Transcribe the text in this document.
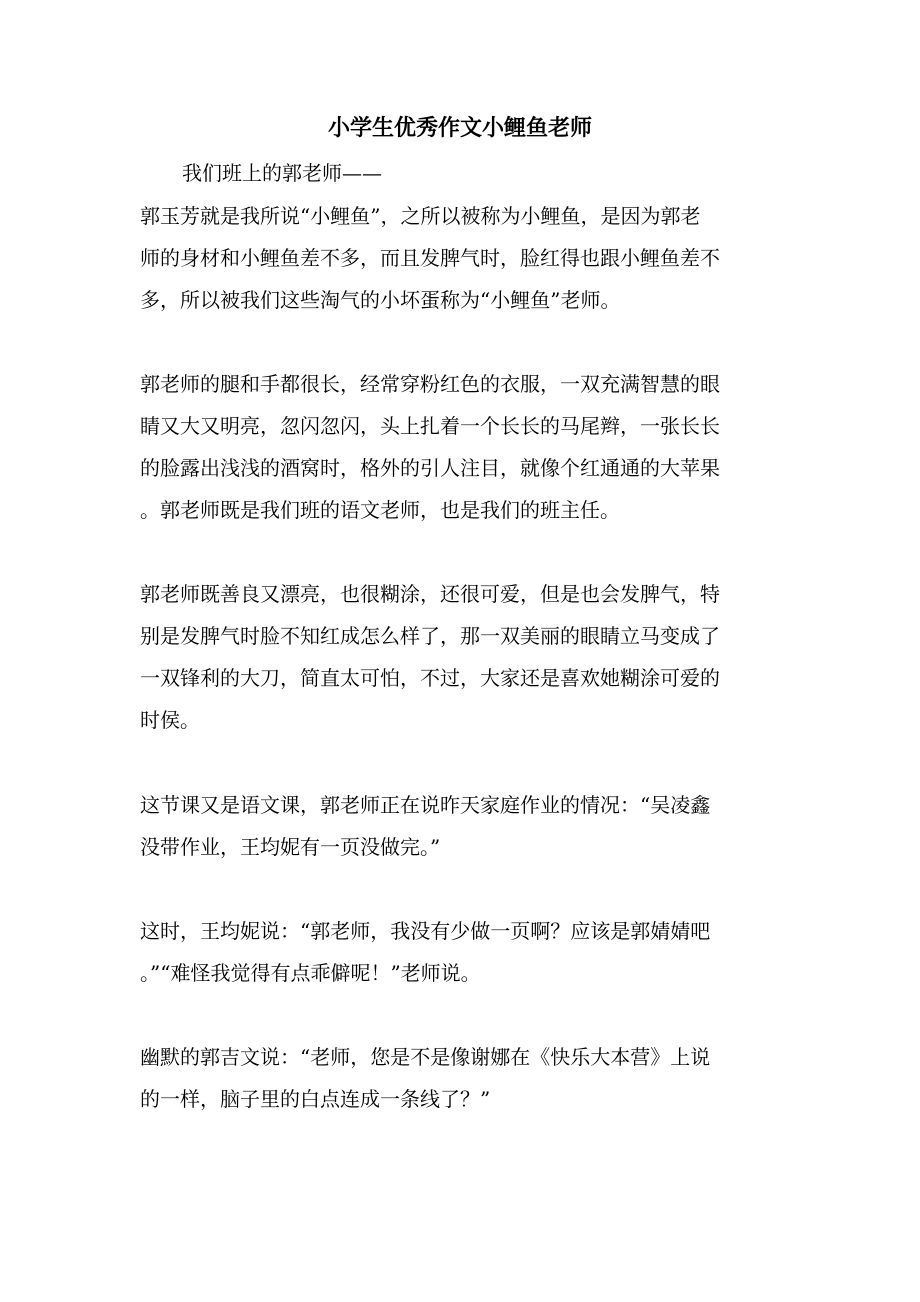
小学生优秀作文小鲤鱼老师
我们班上的郭老师——
郭玉芳就是我所说“小鲤鱼”，之所以被称为小鲤鱼，是因为郭老
师的身材和小鲤鱼差不多，而且发脾气时，脸红得也跟小鲤鱼差不
多，所以被我们这些淘气的小坏蛋称为“小鲤鱼”老师。
郭老师的腿和手都很长，经常穿粉红色的衣服，一双充满智慧的眼
睛又大又明亮，忽闪忽闪，头上扎着一个长长的马尾辫，一张长长
的脸露出浅浅的酒窝时，格外的引人注目，就像个红通通的大苹果
。郭老师既是我们班的语文老师，也是我们的班主任。
郭老师既善良又漂亮，也很糊涂，还很可爱，但是也会发脾气，特
别是发脾气时脸不知红成怎么样了，那一双美丽的眼睛立马变成了
一双锋利的大刀，简直太可怕，不过，大家还是喜欢她糊涂可爱的
时侯。
这节课又是语文课，郭老师正在说昨天家庭作业的情况：“吴凌鑫
没带作业，王均妮有一页没做完。”
这时，王均妮说：“郭老师，我没有少做一页啊？应该是郭婧婧吧
。”“难怪我觉得有点乖僻呢！”老师说。
幽默的郭吉文说：“老师，您是不是像谢娜在《快乐大本营》上说
的一样，脑子里的白点连成一条线了？”
